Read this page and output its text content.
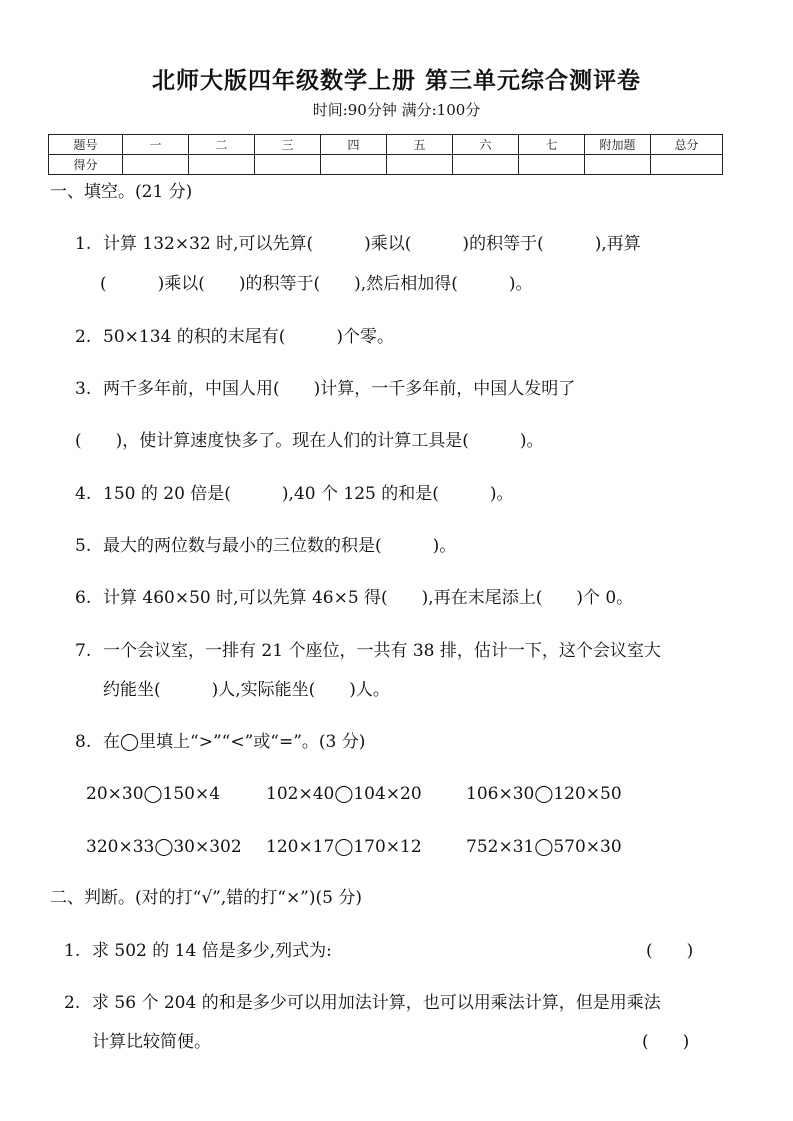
北师大版四年级数学上册 第三单元综合测评卷
时间:90分钟 满分:100分
题号	一	二	三	四	五	六	七	附加题	总分
得分									
一、填空。(21 分)
1. 计算 132×32 时,可以先算(　　　)乘以(　　　)的积等于(　　　),再算
(　　　)乘以(　　)的积等于(　　),然后相加得(　　　)。
2. 50×134 的积的末尾有(　　　)个零。
3. 两千多年前，中国人用(　　)计算，一千多年前，中国人发明了
(　　)，使计算速度快多了。现在人们的计算工具是(　　　)。
4. 150 的 20 倍是(　　　),40 个 125 的和是(　　　)。
5. 最大的两位数与最小的三位数的积是(　　　)。
6. 计算 460×50 时,可以先算 46×5 得(　　),再在末尾添上(　　)个 0。
7. 一个会议室，一排有 21 个座位，一共有 38 排，估计一下，这个会议室大
约能坐(　　　)人,实际能坐(　　)人。
8. 在◯里填上“>”“<”或“=”。(3 分)
20×30◯150×4	102×40◯104×20	106×30◯120×50
320×33◯30×302 120×17◯170×12	752×31◯570×30
二、判断。(对的打“√”,错的打“×”)(5 分)
1. 求 502 的 14 倍是多少,列式为:	(　　)
2. 求 56 个 204 的和是多少可以用加法计算，也可以用乘法计算，但是用乘法
计算比较简便。	(　　)
